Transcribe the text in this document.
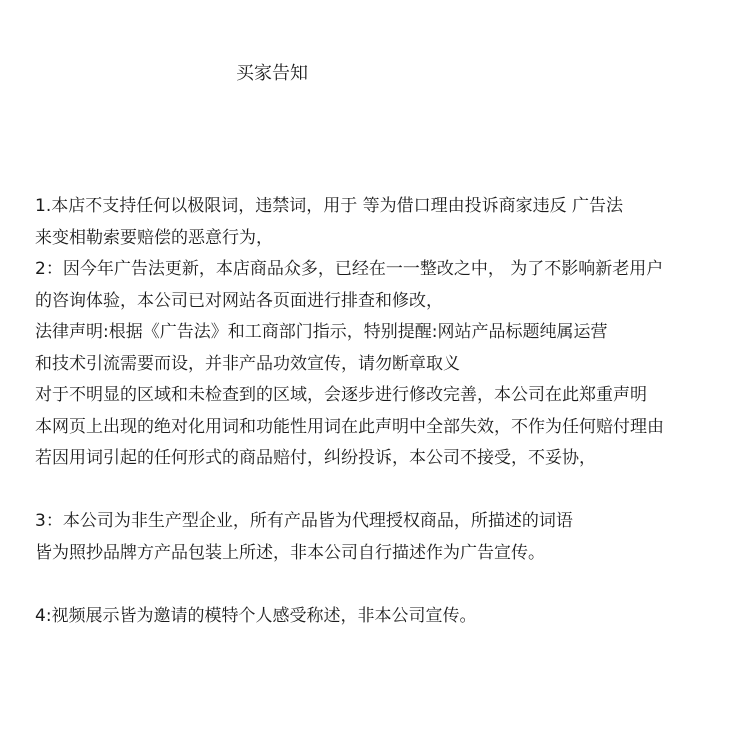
买家告知
1.本店不支持任何以极限词，违禁词，用于 等为借口理由投诉商家违反 广告法
来变相勒索要赔偿的恶意行为，
2：因今年广告法更新，本店商品众多，已经在一一整改之中， 为了不影响新老用户
的咨询体验，本公司已对网站各页面进行排查和修改，
法律声明:根据《广告法》和工商部门指示，特别提醒:网站产品标题纯属运营
和技术引流需要而设，并非产品功效宣传，请勿断章取义
对于不明显的区域和未检查到的区域，会逐步进行修改完善，本公司在此郑重声明
本网页上出现的绝对化用词和功能性用词在此声明中全部失效，不作为任何赔付理由
若因用词引起的任何形式的商品赔付，纠纷投诉，本公司不接受，不妥协，
3：本公司为非生产型企业，所有产品皆为代理授权商品，所描述的词语
皆为照抄品牌方产品包装上所述，非本公司自行描述作为广告宣传。
4:视频展示皆为邀请的模特个人感受称述，非本公司宣传。
